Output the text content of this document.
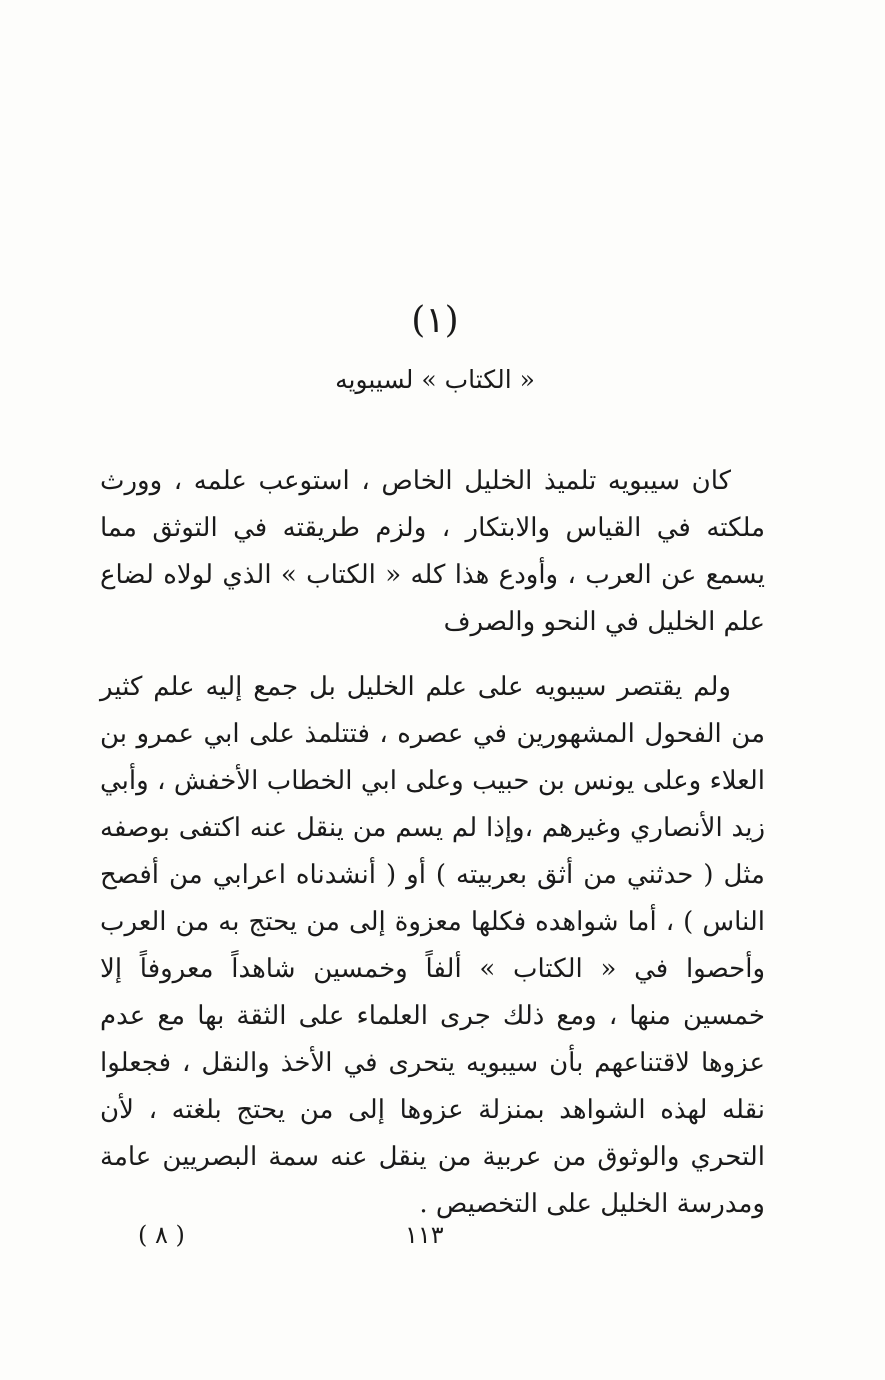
(١)
« الكتاب » لسيبويه

كان سيبويه تلميذ الخليل الخاص ، استوعب علمه ، وورث ملكته في القياس والابتكار ، ولزم طريقته في التوثق مما يسمع عن العرب ، وأودع هذا كله « الكتاب » الذي لولاه لضاع علم الخليل في النحو والصرف

ولم يقتصر سيبويه على علم الخليل بل جمع إليه علم كثير من الفحول المشهورين في عصره ، فتتلمذ على ابي عمرو بن العلاء وعلى يونس بن حبيب وعلى ابي الخطاب الأخفش ، وأبي زيد الأنصاري وغيرهم ،وإذا لم يسم من ينقل عنه اكتفى بوصفه مثل ( حدثني من أثق بعربيته ) أو ( أنشدناه اعرابي من أفصح الناس ) ، أما شواهده فكلها معزوة إلى من يحتج به من العرب وأحصوا في « الكتاب » ألفاً وخمسين شاهداً معروفاً إلا خمسين منها ، ومع ذلك جرى العلماء على الثقة بها مع عدم عزوها لاقتناعهم بأن سيبويه يتحرى في الأخذ والنقل ، فجعلوا نقله لهذه الشواهد بمنزلة عزوها إلى من يحتج بلغته ، لأن التحري والوثوق من عربية من ينقل عنه سمة البصريين عامة ومدرسة الخليل على التخصيص .

( ٨ )	١١٣
